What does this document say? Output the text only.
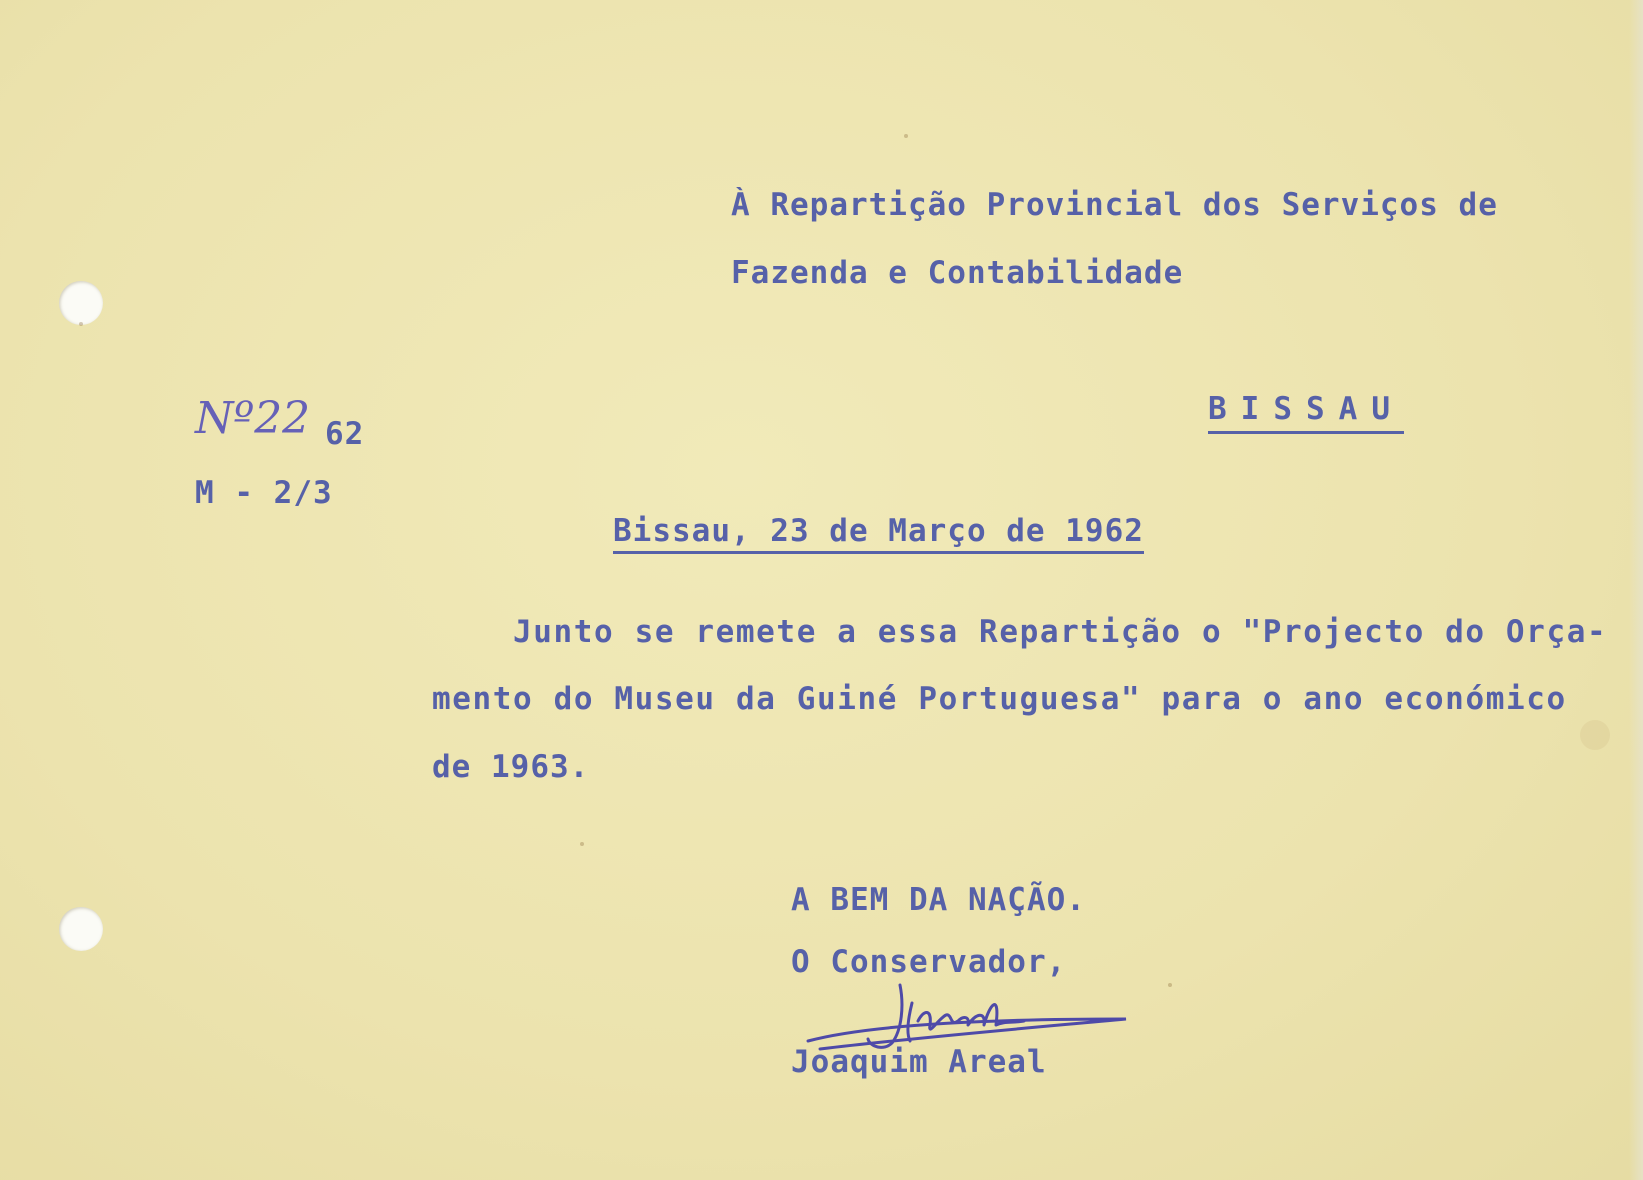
À Repartição Provincial dos Serviços de
Fazenda e Contabilidade
BISSAU
Nº22 62
M - 2/3
Bissau, 23 de Março de 1962
Junto se remete a essa Repartição o "Projecto do Orça-
mento do Museu da Guiné Portuguesa" para o ano económico
de 1963.
A BEM DA NAÇÃO.
O Conservador,
Joaquim Areal
